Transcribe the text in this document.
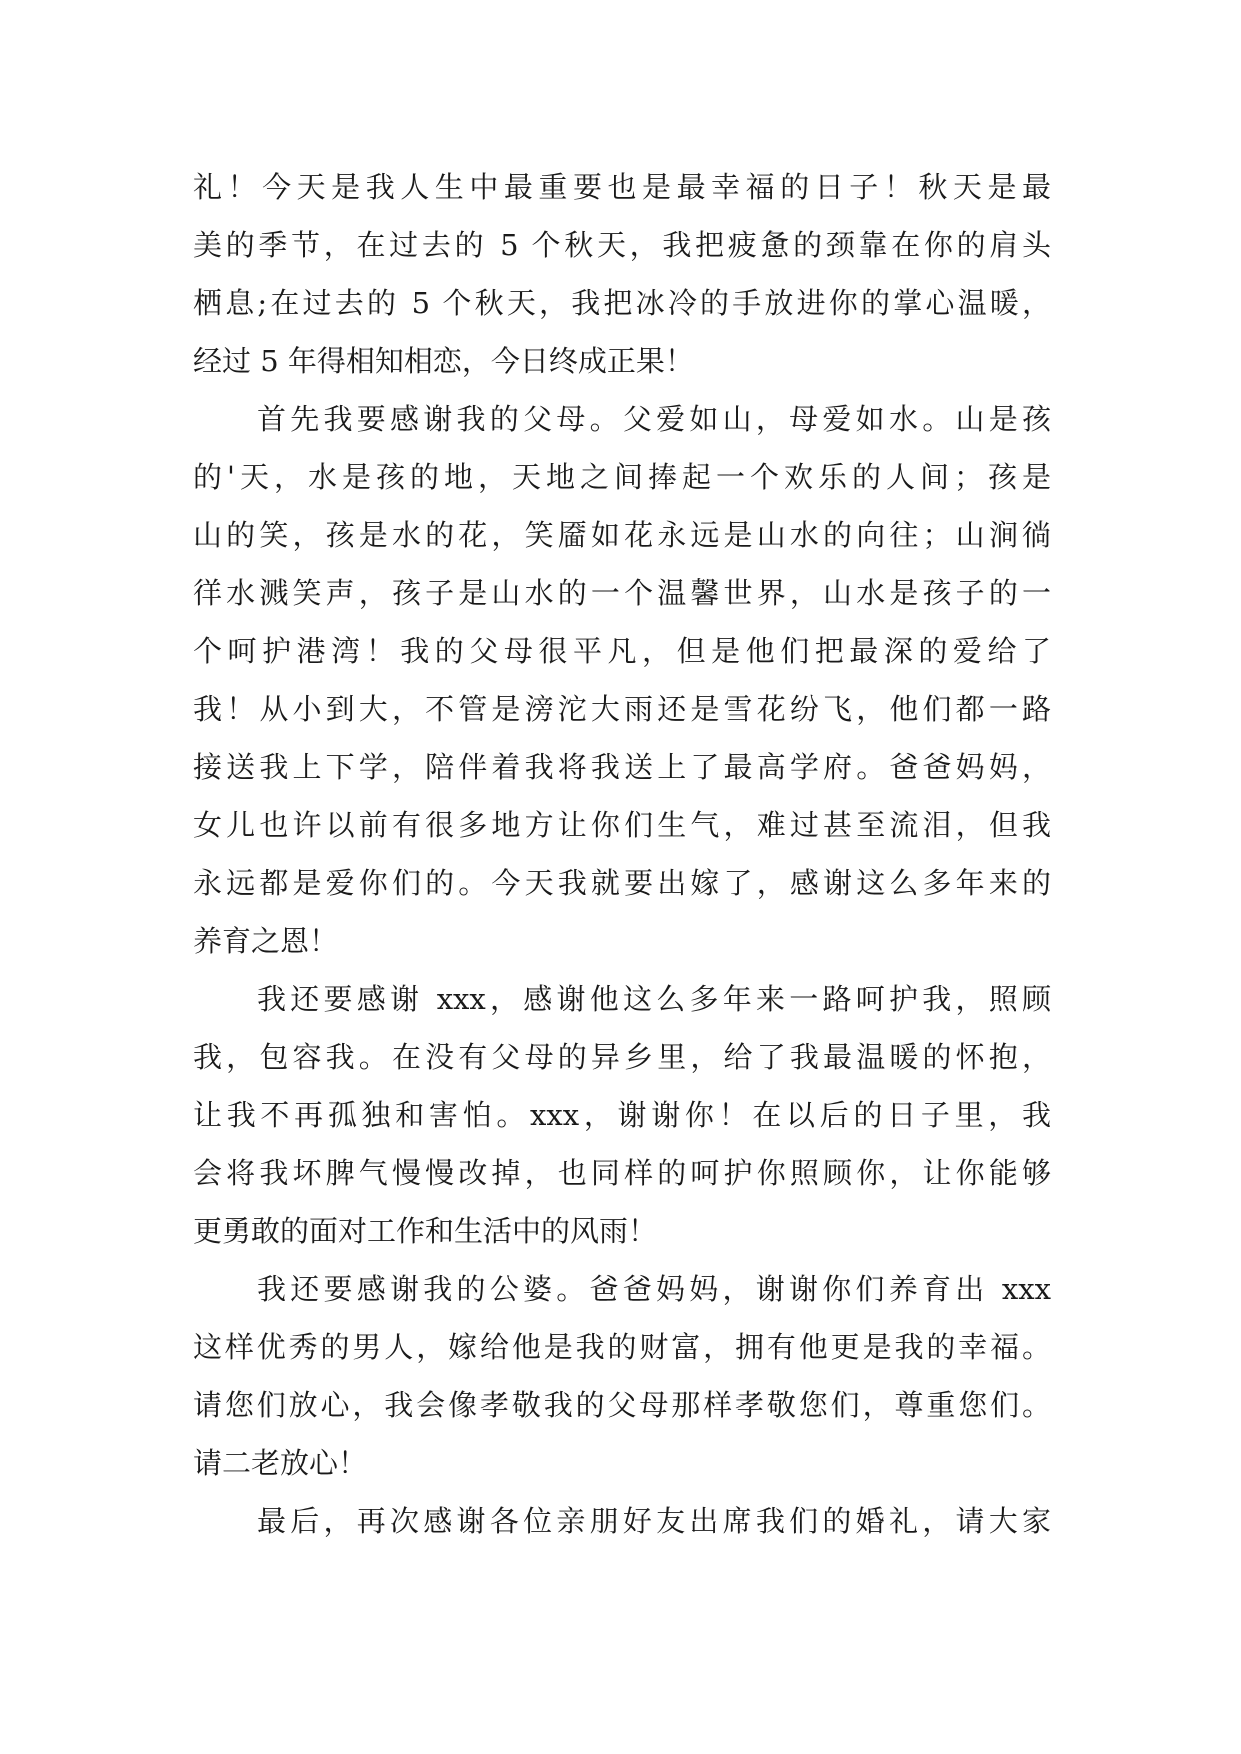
礼！今天是我人生中最重要也是最幸福的日子！秋天是最
美的季节，在过去的 5 个秋天，我把疲惫的颈靠在你的肩头
栖息;在过去的 5 个秋天，我把冰冷的手放进你的掌心温暖，
经过 5 年得相知相恋，今日终成正果！
首先我要感谢我的父母。父爱如山，母爱如水。山是孩
的'天，水是孩的地，天地之间捧起一个欢乐的人间；孩是
山的笑，孩是水的花，笑靥如花永远是山水的向往；山涧徜
徉水溅笑声，孩子是山水的一个温馨世界，山水是孩子的一
个呵护港湾！我的父母很平凡，但是他们把最深的爱给了
我！从小到大，不管是滂沱大雨还是雪花纷飞，他们都一路
接送我上下学，陪伴着我将我送上了最高学府。爸爸妈妈，
女儿也许以前有很多地方让你们生气，难过甚至流泪，但我
永远都是爱你们的。今天我就要出嫁了，感谢这么多年来的
养育之恩！
我还要感谢 xxx，感谢他这么多年来一路呵护我，照顾
我，包容我。在没有父母的异乡里，给了我最温暖的怀抱，
让我不再孤独和害怕。xxx，谢谢你！在以后的日子里，我
会将我坏脾气慢慢改掉，也同样的呵护你照顾你，让你能够
更勇敢的面对工作和生活中的风雨！
我还要感谢我的公婆。爸爸妈妈，谢谢你们养育出 xxx
这样优秀的男人，嫁给他是我的财富，拥有他更是我的幸福。
请您们放心，我会像孝敬我的父母那样孝敬您们，尊重您们。
请二老放心！
最后，再次感谢各位亲朋好友出席我们的婚礼，请大家
